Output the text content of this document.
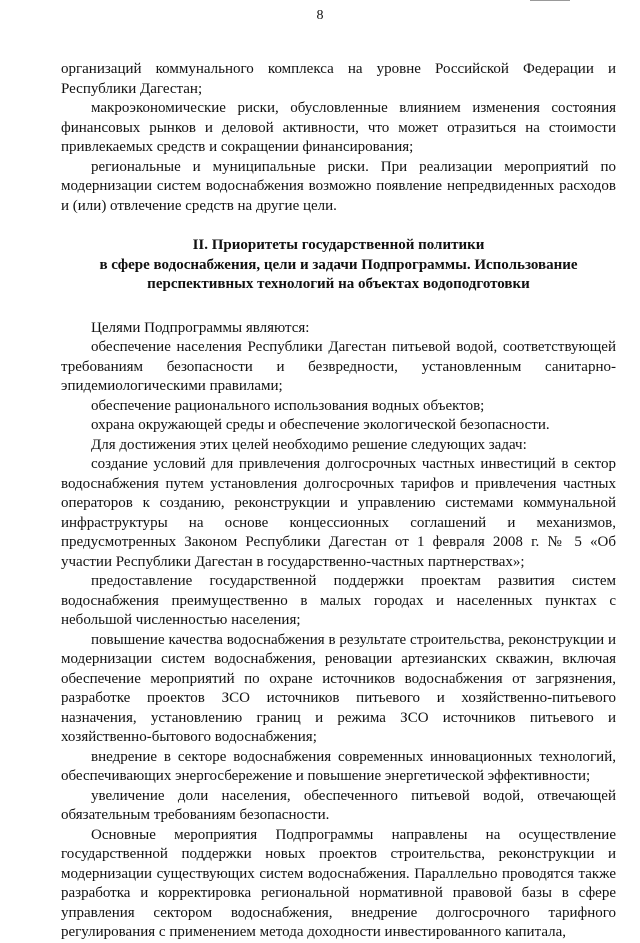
8

организаций коммунального комплекса на уровне Российской Федерации и Республики Дагестан;

макроэкономические риски, обусловленные влиянием изменения состояния финансовых рынков и деловой активности, что может отразиться на стоимости привлекаемых средств и сокращении финансирования;

региональные и муниципальные риски. При реализации мероприятий по модернизации систем водоснабжения возможно появление непредвиденных расходов и (или) отвлечение средств на другие цели.

II. Приоритеты государственной политики
в сфере водоснабжения, цели и задачи Подпрограммы. Использование
перспективных технологий на объектах водоподготовки

Целями Подпрограммы являются:

обеспечение населения Республики Дагестан питьевой водой, соответствующей требованиям безопасности и безвредности, установленным санитарно-эпидемиологическими правилами;

обеспечение рационального использования водных объектов;

охрана окружающей среды и обеспечение экологической безопасности.

Для достижения этих целей необходимо решение следующих задач:

создание условий для привлечения долгосрочных частных инвестиций в сектор водоснабжения путем установления долгосрочных тарифов и привлечения частных операторов к созданию, реконструкции и управлению системами коммунальной инфраструктуры на основе концессионных соглашений и механизмов, предусмотренных Законом Республики Дагестан от 1 февраля 2008 г. № 5 «Об участии Республики Дагестан в государственно-частных партнерствах»;

предоставление государственной поддержки проектам развития систем водоснабжения преимущественно в малых городах и населенных пунктах с небольшой численностью населения;

повышение качества водоснабжения в результате строительства, реконструкции и модернизации систем водоснабжения, реновации артезианских скважин, включая обеспечение мероприятий по охране источников водоснабжения от загрязнения, разработке проектов ЗСО источников питьевого и хозяйственно-питьевого назначения, установлению границ и режима ЗСО источников питьевого и хозяйственно-бытового водоснабжения;

внедрение в секторе водоснабжения современных инновационных технологий, обеспечивающих энергосбережение и повышение энергетической эффективности;

увеличение доли населения, обеспеченного питьевой водой, отвечающей обязательным требованиям безопасности.

Основные мероприятия Подпрограммы направлены на осуществление государственной поддержки новых проектов строительства, реконструкции и модернизации существующих систем водоснабжения. Параллельно проводятся также разработка и корректировка региональной нормативной правовой базы в сфере управления сектором водоснабжения, внедрение долгосрочного тарифного регулирования с применением метода доходности инвестированного капитала,
